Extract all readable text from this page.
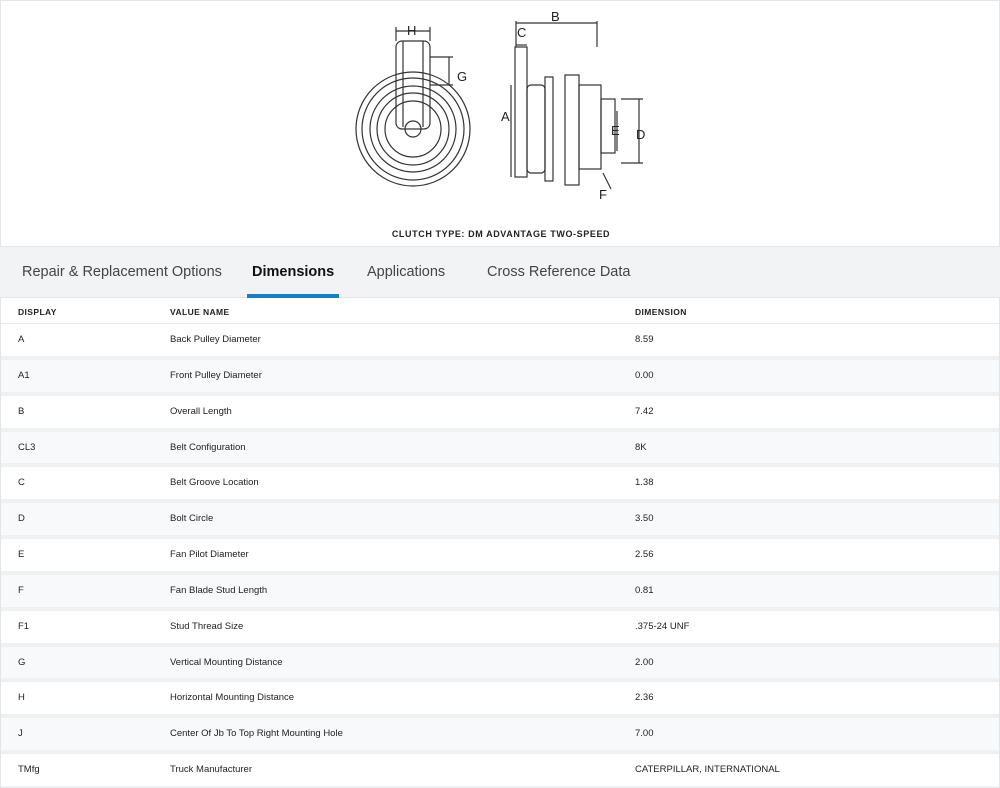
H
G
B
C
A
E D
F
CLUTCH TYPE: DM ADVANTAGE TWO-SPEED
Repair & Replacement Options Dimensions Applications	Cross Reference Data
DISPLAY	VALUE NAME	DIMENSION
A	Back Pulley Diameter	8.59
A1	Front Pulley Diameter	0.00
B	Overall Length	7.42
CL3	Belt Configuration	8K
C	Belt Groove Location	1.38
D	Bolt Circle	3.50
E	Fan Pilot Diameter	2.56
F	Fan Blade Stud Length	0.81
F1	Stud Thread Size	.375-24 UNF
G	Vertical Mounting Distance	2.00
H	Horizontal Mounting Distance	2.36
J	Center Of Jb To Top Right Mounting Hole	7.00
TMfg	Truck Manufacturer	CATERPILLAR, INTERNATIONAL
